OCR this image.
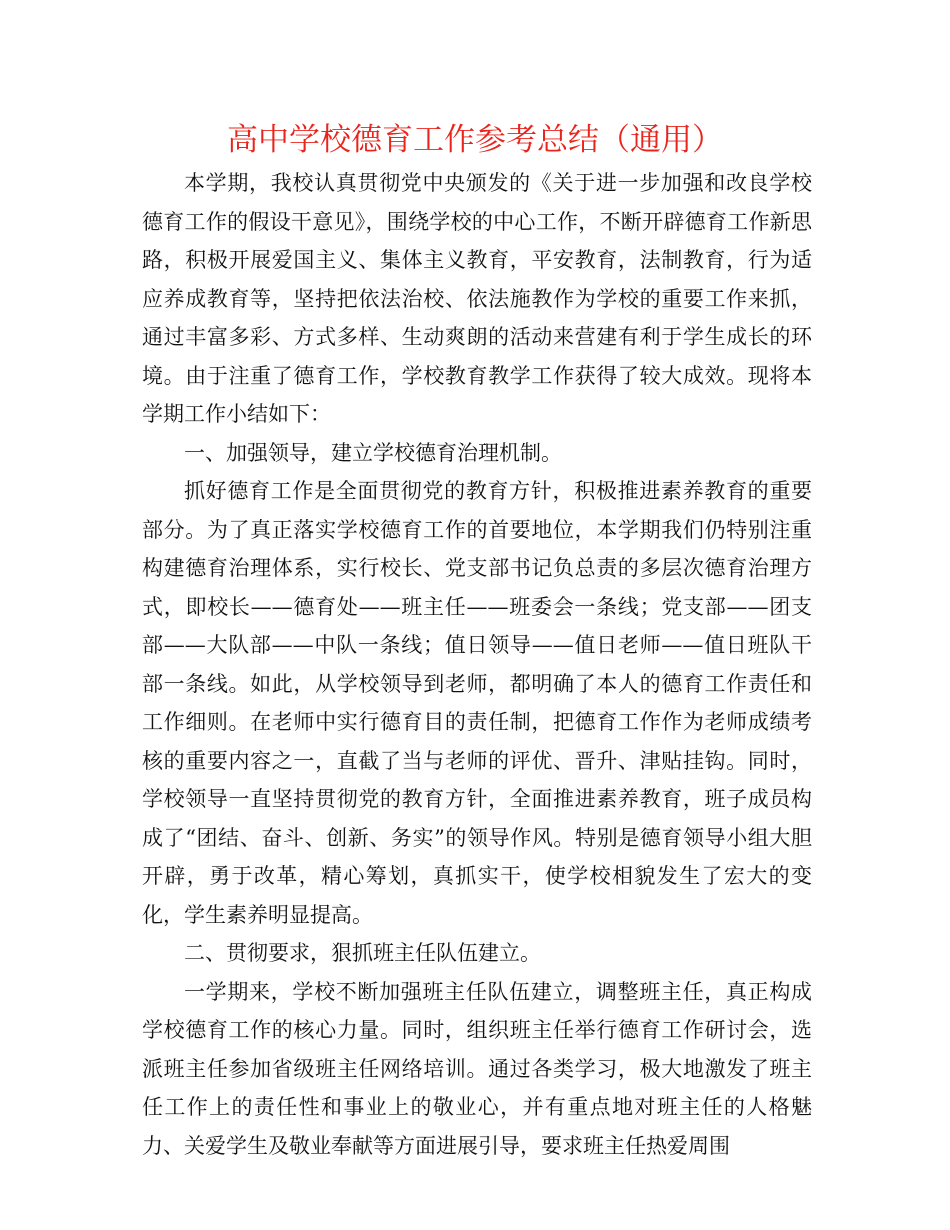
高中学校德育工作参考总结（通用）

本学期，我校认真贯彻党中央颁发的《关于进一步加强和改良学校德育工作的假设干意见》，围绕学校的中心工作，不断开辟德育工作新思路，积极开展爱国主义、集体主义教育，平安教育，法制教育，行为适应养成教育等，坚持把依法治校、依法施教作为学校的重要工作来抓，通过丰富多彩、方式多样、生动爽朗的活动来营建有利于学生成长的环境。由于注重了德育工作，学校教育教学工作获得了较大成效。现将本学期工作小结如下：

一、加强领导，建立学校德育治理机制。

抓好德育工作是全面贯彻党的教育方针，积极推进素养教育的重要部分。为了真正落实学校德育工作的首要地位，本学期我们仍特别注重构建德育治理体系，实行校长、党支部书记负总责的多层次德育治理方式，即校长——德育处——班主任——班委会一条线；党支部——团支部——大队部——中队一条线；值日领导——值日老师——值日班队干部一条线。如此，从学校领导到老师，都明确了本人的德育工作责任和工作细则。在老师中实行德育目的责任制，把德育工作作为老师成绩考核的重要内容之一，直截了当与老师的评优、晋升、津贴挂钩。同时，学校领导一直坚持贯彻党的教育方针，全面推进素养教育，班子成员构成了“团结、奋斗、创新、务实”的领导作风。特别是德育领导小组大胆开辟，勇于改革，精心筹划，真抓实干，使学校相貌发生了宏大的变化，学生素养明显提高。

二、贯彻要求，狠抓班主任队伍建立。

一学期来，学校不断加强班主任队伍建立，调整班主任，真正构成学校德育工作的核心力量。同时，组织班主任举行德育工作研讨会，选派班主任参加省级班主任网络培训。通过各类学习，极大地激发了班主任工作上的责任性和事业上的敬业心，并有重点地对班主任的人格魅力、关爱学生及敬业奉献等方面进展引导，要求班主任热爱周围
